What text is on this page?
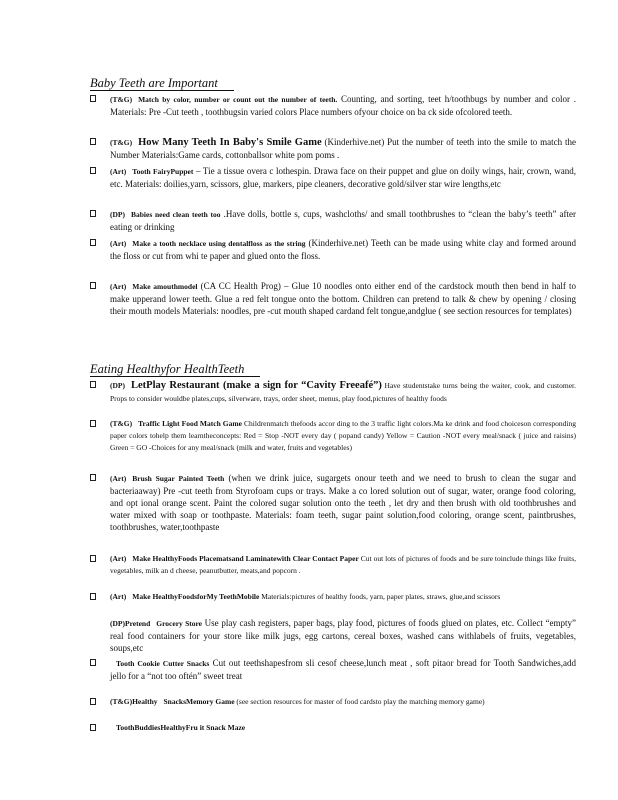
Baby Teeth are Important
(T&G) Match by color, number or count out the number of teeth. Counting, and sorting, teet h/toothbugs by number and color . Materials: Pre -Cut teeth , toothbugsin varied colors Place numbers ofyour choice on ba ck side ofcolored teeth.
(T&G) How Many Teeth In Baby's Smile Game (Kinderhive.net) Put the number of teeth into the smile to match the Number Materials:Game cards, cottonballsor white pom poms .
(Art) Tooth FairyPuppet – Tie a tissue overa c lothespin. Drawa face on their puppet and glue on doily wings, hair, crown, wand, etc. Materials: doilies,yarn, scissors, glue, markers, pipe cleaners, decorative gold/silver star wire lengths,etc
(DP) Babies need clean teeth too .Have dolls, bottle s, cups, washcloths/ and small toothbrushes to “clean the baby’s teeth” after eating or drinking
(Art) Make a tooth necklace using dentalfloss as the string (Kinderhive.net) Teeth can be made using white clay and formed around the floss or cut from whi te paper and glued onto the floss.
(Art) Make amouthmodel (CA CC Health Prog) – Glue 10 noodles onto either end of the cardstock mouth then bend in half to make upperand lower teeth. Glue a red felt tongue onto the bottom. Children can pretend to talk & chew by opening / closing their mouth models Materials: noodles, pre -cut mouth shaped cardand felt tongue,andglue ( see section resources for templates)
Eating Healthyfor HealthTeeth
(DP) LetPlay Restaurant (make a sign for “Cavity Freeafé”) Have studentstake turns being the waiter, cook, and customer. Props to consider wouldbe plates,cups, silverware, trays, order sheet, menus, play food,pictures of healthy foods
(T&G) Traffic Light Food Match Game Childrenmatch thefoods accor ding to the 3 traffic light colors.Ma ke drink and food choiceson corresponding paper colors tohelp them learntheconcepts: Red = Stop -NOT every day ( popand candy) Yellow = Caution -NOT every meal/snack ( juice and raisins) Green = GO -Choices for any meal/snack (milk and water, fruits and vegetables)
(Art) Brush Sugar Painted Teeth (when we drink juice, sugargets onour teeth and we need to brush to clean the sugar and bacteriaaway) Pre -cut teeth from Styrofoam cups or trays. Make a co lored solution out of sugar, water, orange food coloring, and opt ional orange scent. Paint the colored sugar solution onto the teeth , let dry and then brush with old toothbrushes and water mixed with soap or toothpaste. Materials: foam teeth, sugar paint solution,food coloring, orange scent, paintbrushes, toothbrushes, water,toothpaste
(Art) Make HealthyFoods Placematsand Laminatewith Clear Contact Paper Cut out lots of pictures of foods and be sure toinclude things like fruits, vegetables, milk an d cheese, peanutbutter, meats,and popcorn .
(Art) Make HealthyFoodsforMy TeethMobile Materials:pictures of healthy foods, yarn, paper plates, straws, glue,and scissors
(DP)Pretend Grocery Store Use play cash registers, paper bags, play food, pictures of foods glued on plates, etc. Collect “empty” real food containers for your store like milk jugs, egg cartons, cereal boxes, washed cans withlabels of fruits, vegetables, soups,etc
Tooth Cookie Cutter Snacks Cut out teethshapesfrom sli cesof cheese,lunch meat , soft pitaor bread for Tooth Sandwiches,add jello for a “not too oftén” sweet treat
(T&G)Healthy SnacksMemory Game (see section resources for master of food cardsto play the matching memory game)
ToothBuddiesHealthyFru it Snack Maze
